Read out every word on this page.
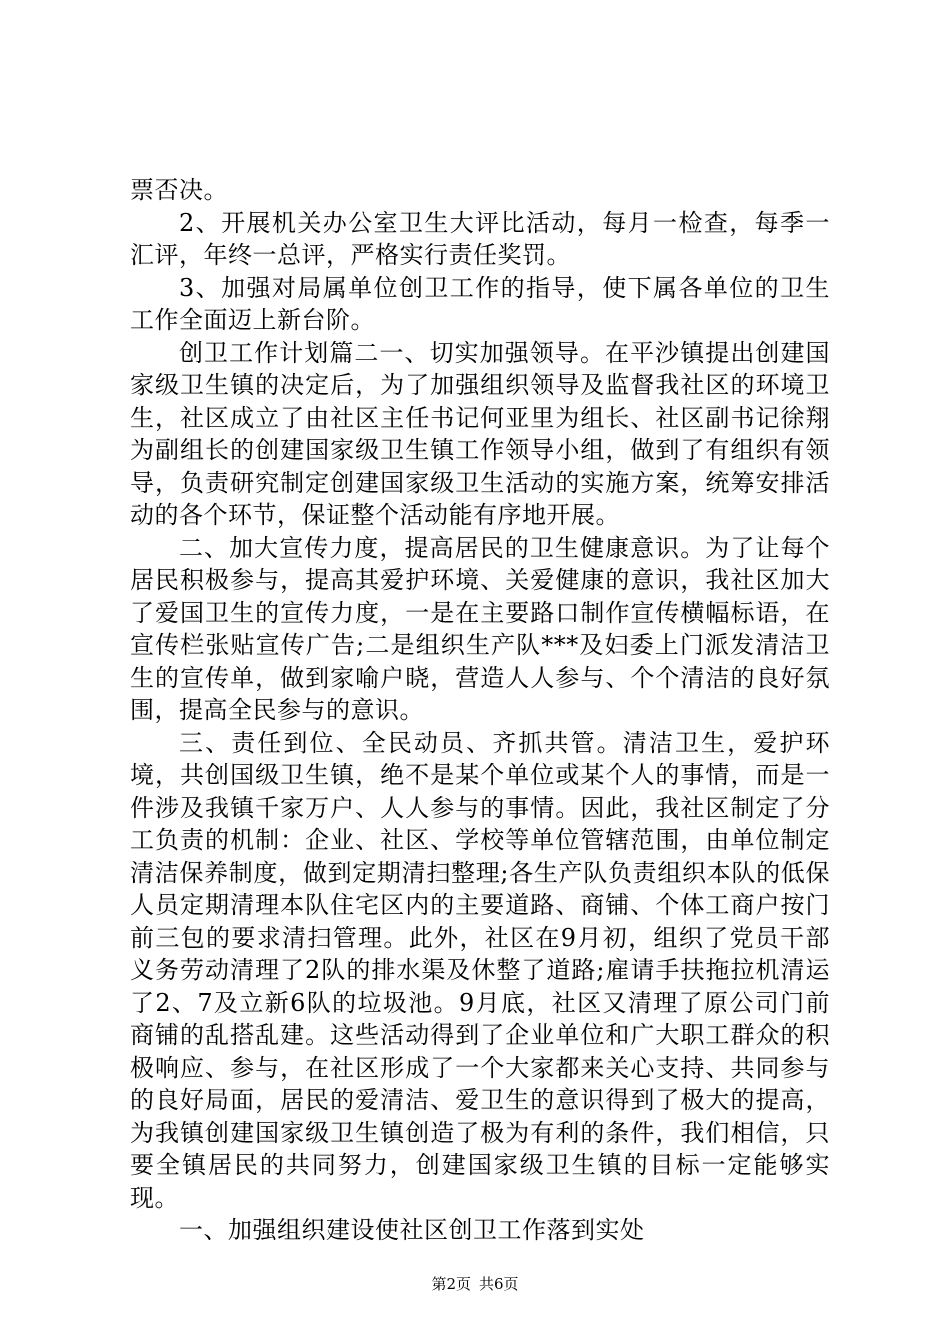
票否决。

2、开展机关办公室卫生大评比活动，每月一检查，每季一汇评，年终一总评，严格实行责任奖罚。

3、加强对局属单位创卫工作的指导，使下属各单位的卫生工作全面迈上新台阶。

创卫工作计划篇二一、切实加强领导。在平沙镇提出创建国家级卫生镇的决定后，为了加强组织领导及监督我社区的环境卫生，社区成立了由社区主任书记何亚里为组长、社区副书记徐翔为副组长的创建国家级卫生镇工作领导小组，做到了有组织有领导，负责研究制定创建国家级卫生活动的实施方案，统筹安排活动的各个环节，保证整个活动能有序地开展。

二、加大宣传力度，提高居民的卫生健康意识。为了让每个居民积极参与，提高其爱护环境、关爱健康的意识，我社区加大了爱国卫生的宣传力度，一是在主要路口制作宣传横幅标语，在宣传栏张贴宣传广告;二是组织生产队***及妇委上门派发清洁卫生的宣传单，做到家喻户晓，营造人人参与、个个清洁的良好氛围，提高全民参与的意识。

三、责任到位、全民动员、齐抓共管。清洁卫生，爱护环境，共创国级卫生镇，绝不是某个单位或某个人的事情，而是一件涉及我镇千家万户、人人参与的事情。因此，我社区制定了分工负责的机制：企业、社区、学校等单位管辖范围，由单位制定清洁保养制度，做到定期清扫整理;各生产队负责组织本队的低保人员定期清理本队住宅区内的主要道路、商铺、个体工商户按门前三包的要求清扫管理。此外，社区在9月初，组织了党员干部义务劳动清理了2队的排水渠及休整了道路;雇请手扶拖拉机清运了2、7及立新6队的垃圾池。9月底，社区又清理了原公司门前商铺的乱搭乱建。这些活动得到了企业单位和广大职工群众的积极响应、参与，在社区形成了一个大家都来关心支持、共同参与的良好局面，居民的爱清洁、爱卫生的意识得到了极大的提高，为我镇创建国家级卫生镇创造了极为有利的条件，我们相信，只要全镇居民的共同努力，创建国家级卫生镇的目标一定能够实现。

一、加强组织建设使社区创卫工作落到实处

第2页 共6页
